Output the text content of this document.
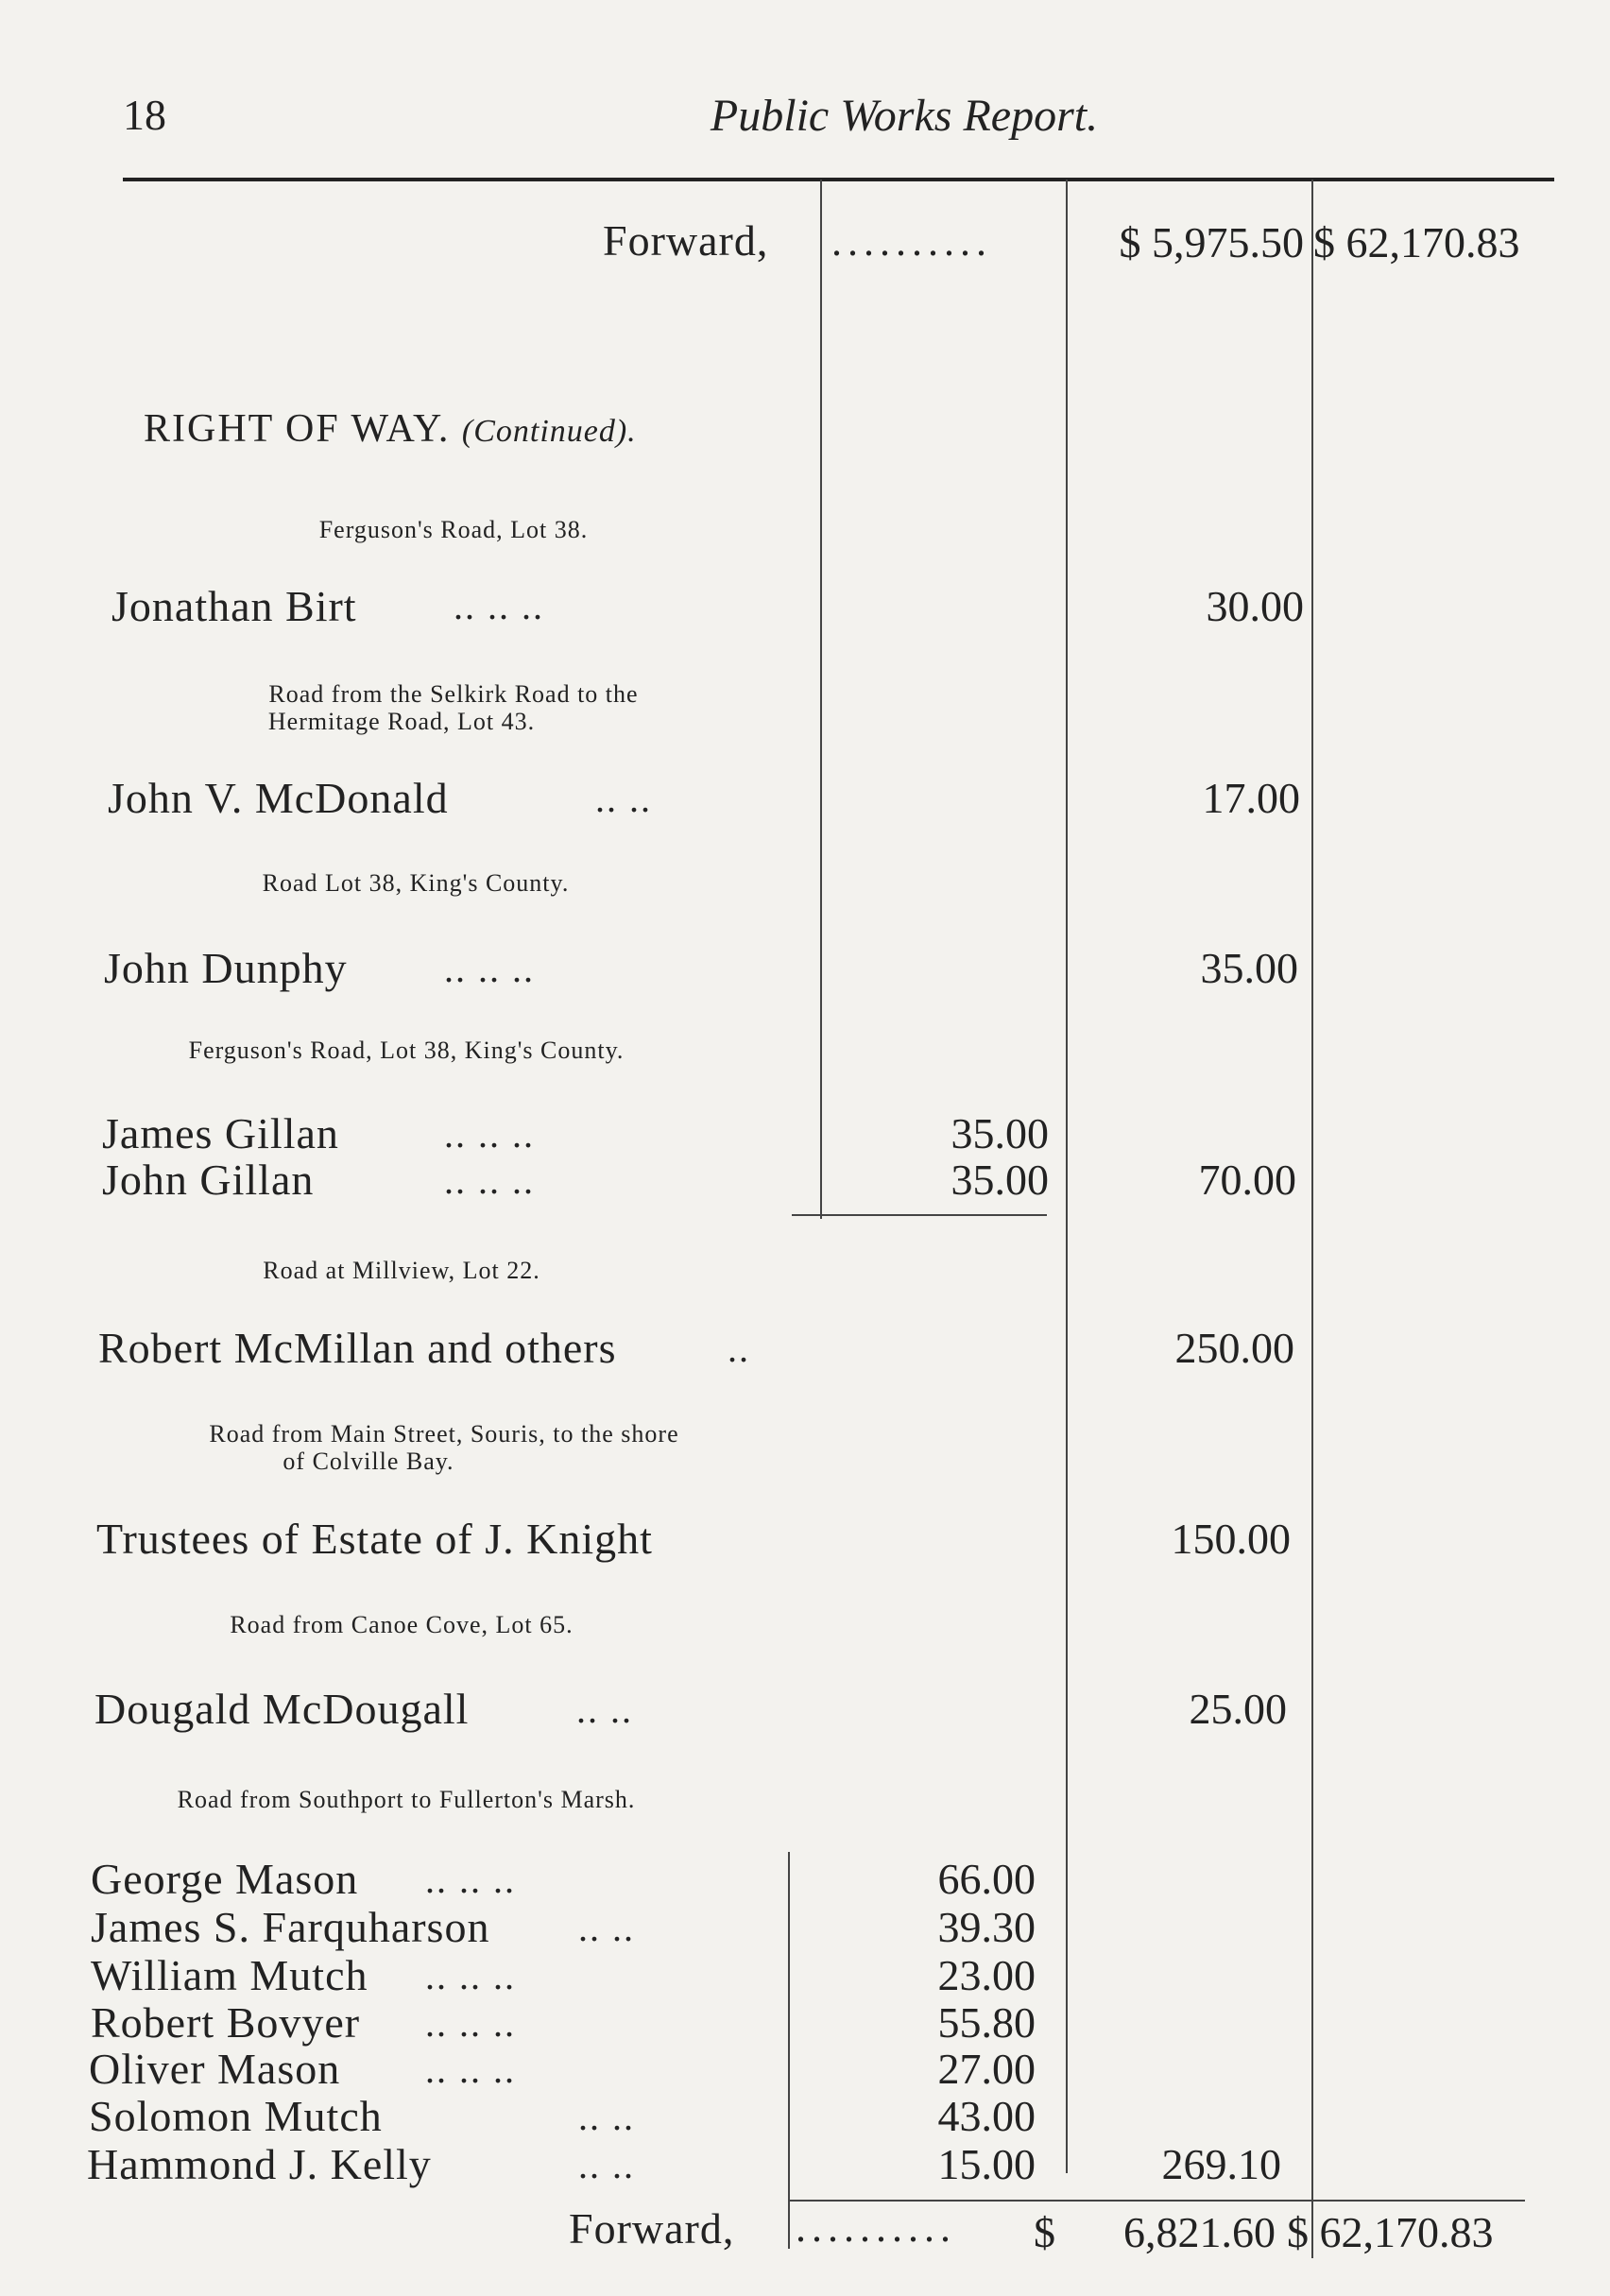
18	Public Works Report.
Forward, ..........	$ 5,975.50 $ 62,170.83
RIGHT OF WAY. (Continued).
Ferguson's Road, Lot 38.
Jonathan Birt	.. .. ..	30.00
Road from the Selkirk Road to the
Hermitage Road, Lot 43.
John V. McDonald	.. ..	17.00
Road Lot 38, King's County.
John Dunphy	.. .. ..	35.00
Ferguson's Road, Lot 38, King's County.
James Gillan	.. .. ..	35.00
John Gillan	.. .. ..	35.00	70.00
Road at Millview, Lot 22.
Robert McMillan and others	..	250.00
Road from Main Street, Souris, to the shore
of Colville Bay.
Trustees of Estate of J. Knight	150.00
Road from Canoe Cove, Lot 65.
Dougald McDougall	.. ..	25.00
Road from Southport to Fullerton's Marsh.
George Mason .. .. ..	66.00
James S. Farquharson .. ..	39.30
William Mutch .. .. ..	23.00
Robert Bovyer .. .. ..	55.80
Oliver Mason .. .. ..	27.00
Solomon Mutch	.. ..	43.00
Hammond J. Kelly	.. ..	15.00	269.10
Forward, .......... $	6,821.60 $ 62,170.83
